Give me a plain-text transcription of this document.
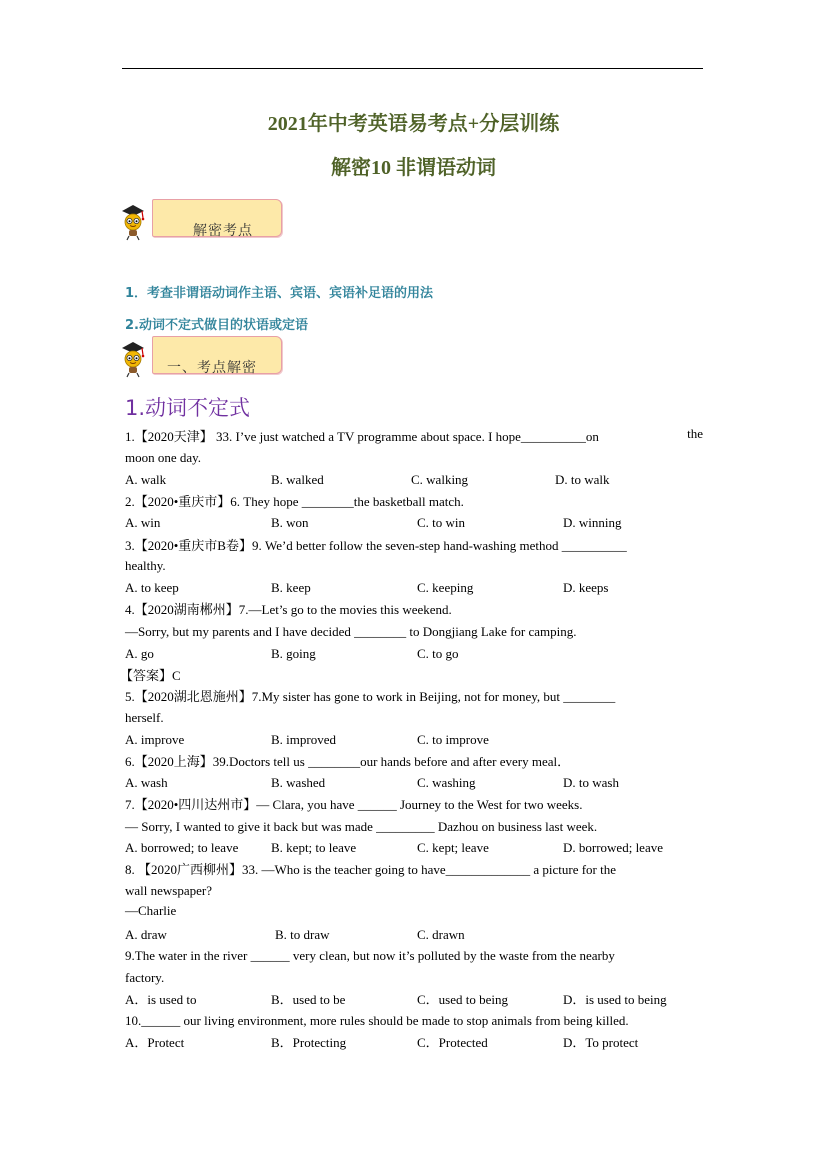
2021年中考英语易考点+分层训练
解密10 非谓语动词
解密考点
1．考查非谓语动词作主语、宾语、宾语补足语的用法
2.动词不定式做目的状语或定语
一、考点解密
1.动词不定式
1.【2020天津】 33. I’ve just watched a TV programme about space. I hope__________on	the
moon one day.
A. walk	B. walked	C. walking	D. to walk
2.【2020•重庆市】6. They hope ________the basketball match.
A. win	B. won	C. to win	D. winning
3.【2020•重庆市B卷】9. We’d better follow the seven-step hand-washing method __________
healthy.
A. to keep	B. keep	C. keeping	D. keeps
4.【2020湖南郴州】7.—Let’s go to the movies this weekend.
—Sorry, but my parents and I have decided ________ to Dongjiang Lake for camping.
A. go	B. going	C. to go
【答案】C
5.【2020湖北恩施州】7.My sister has gone to work in Beijing, not for money, but ________
herself.
A. improve	B. improved	C. to improve
6.【2020上海】39.Doctors tell us ________our hands before and after every meal．
A. wash	B. washed	C. washing	D. to wash
7.【2020•四川达州市】— Clara, you have ______ Journey to the West for two weeks.
— Sorry, I wanted to give it back but was made _________ Dazhou on business last week.
A. borrowed; to leave	B. kept; to leave	C. kept; leave	D. borrowed; leave
8. 【2020广西柳州】33. —Who is the teacher going to have_____________ a picture for the
wall newspaper?
—Charlie
A. draw	B. to draw	C. drawn
9.The water in the river ______ very clean, but now it’s polluted by the waste from the nearby
factory.
A．is used to	B．used to be	C．used to being	D．is used to being
10.______ our living environment, more rules should be made to stop animals from being killed.
A．Protect	B．Protecting	C．Protected	D．To protect
